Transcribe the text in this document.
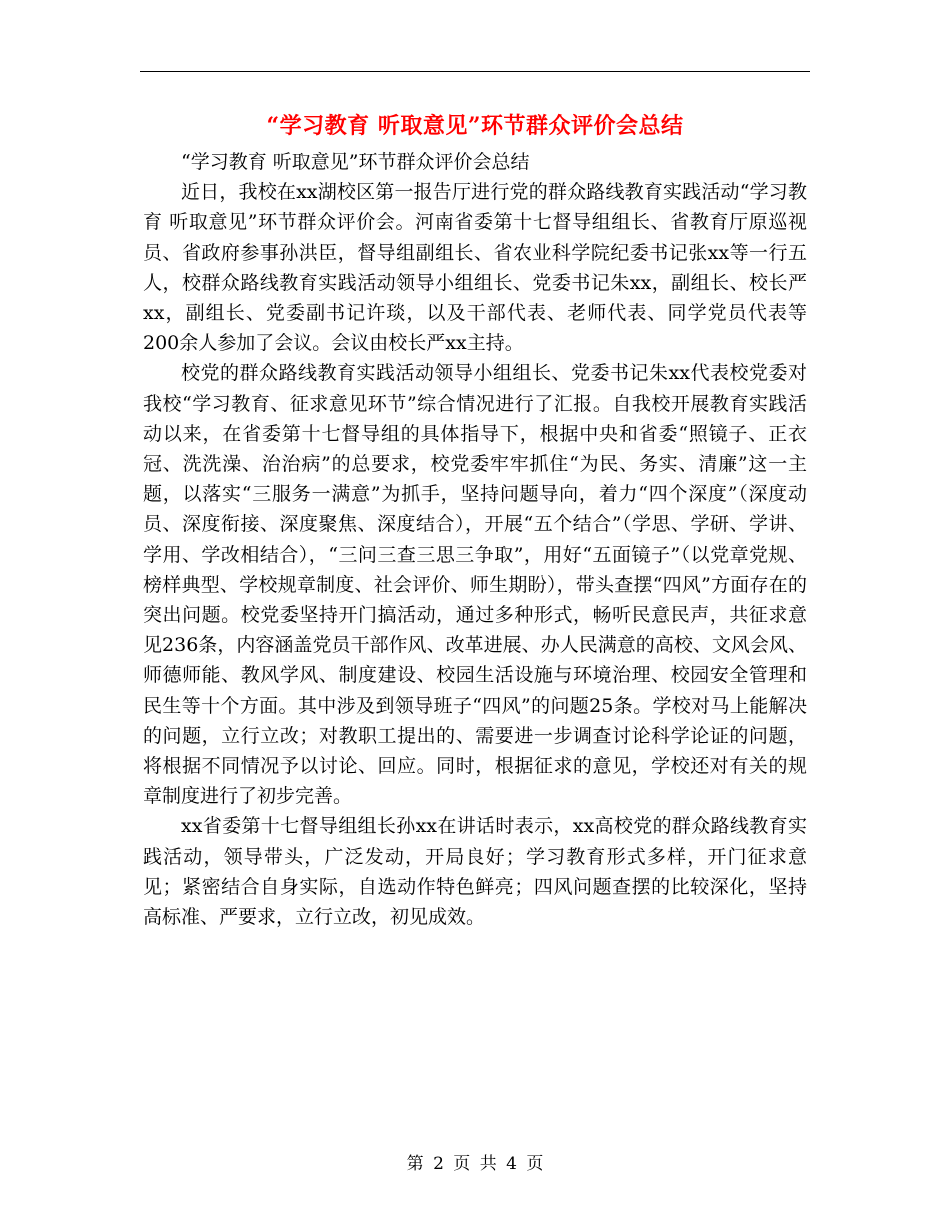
“学习教育 听取意见”环节群众评价会总结

“学习教育 听取意见”环节群众评价会总结

近日，我校在xx湖校区第一报告厅进行党的群众路线教育实践活动“学习教育 听取意见”环节群众评价会。河南省委第十七督导组组长、省教育厅原巡视员、省政府参事孙洪臣，督导组副组长、省农业科学院纪委书记张xx等一行五人，校群众路线教育实践活动领导小组组长、党委书记朱xx，副组长、校长严xx，副组长、党委副书记许琰，以及干部代表、老师代表、同学党员代表等200余人参加了会议。会议由校长严xx主持。

校党的群众路线教育实践活动领导小组组长、党委书记朱xx代表校党委对我校“学习教育、征求意见环节”综合情况进行了汇报。自我校开展教育实践活动以来，在省委第十七督导组的具体指导下，根据中央和省委“照镜子、正衣冠、洗洗澡、治治病”的总要求，校党委牢牢抓住“为民、务实、清廉”这一主题，以落实“三服务一满意”为抓手，坚持问题导向，着力“四个深度”（深度动员、深度衔接、深度聚焦、深度结合），开展“五个结合”（学思、学研、学讲、学用、学改相结合），“三问三查三思三争取”，用好“五面镜子”（以党章党规、榜样典型、学校规章制度、社会评价、师生期盼），带头查摆“四风”方面存在的突出问题。校党委坚持开门搞活动，通过多种形式，畅听民意民声，共征求意见236条，内容涵盖党员干部作风、改革进展、办人民满意的高校、文风会风、师德师能、教风学风、制度建设、校园生活设施与环境治理、校园安全管理和民生等十个方面。其中涉及到领导班子“四风”的问题25条。学校对马上能解决的问题，立行立改；对教职工提出的、需要进一步调查讨论科学论证的问题，将根据不同情况予以讨论、回应。同时，根据征求的意见，学校还对有关的规章制度进行了初步完善。

xx省委第十七督导组组长孙xx在讲话时表示，xx高校党的群众路线教育实践活动，领导带头，广泛发动，开局良好；学习教育形式多样，开门征求意见；紧密结合自身实际，自选动作特色鲜亮；四风问题查摆的比较深化，坚持高标准、严要求，立行立改，初见成效。

第 2 页 共 4 页
